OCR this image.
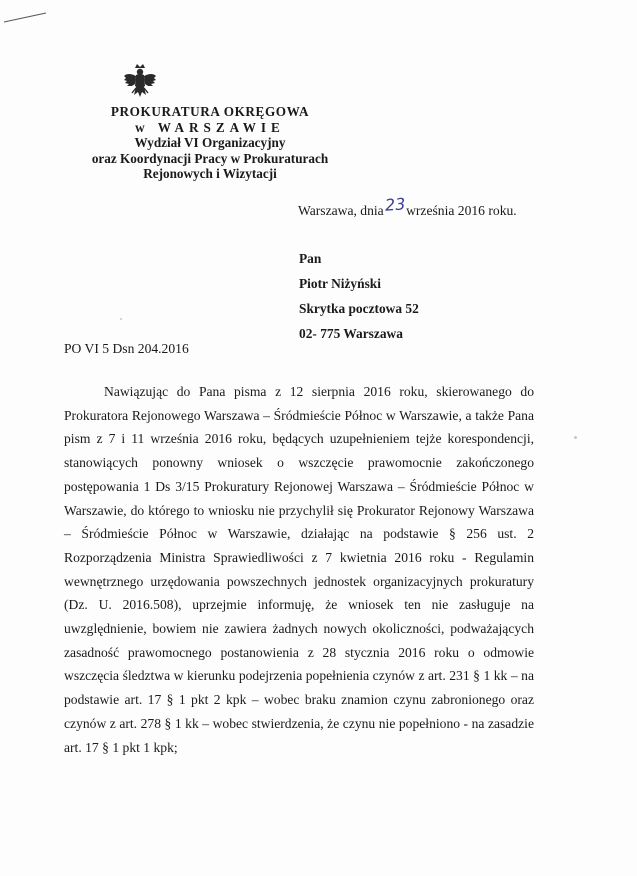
PROKURATURA OKRĘGOWA
w WARSZAWIE
Wydział VI Organizacyjny
oraz Koordynacji Pracy w Prokuraturach
Rejonowych i Wizytacji
Warszawa, dnia23września 2016 roku.
Pan
Piotr Niżyński
Skrytka pocztowa 52
02- 775 Warszawa
PO VI 5 Dsn 204.2016

Nawiązując do Pana pisma z 12 sierpnia 2016 roku, skierowanego do Prokuratora Rejonowego Warszawa – Śródmieście Północ w Warszawie, a także Pana pism z 7 i 11 września 2016 roku, będących uzupełnieniem tejże korespondencji, stanowiących ponowny wniosek o wszczęcie prawomocnie zakończonego postępowania 1 Ds 3/15 Prokuratury Rejonowej Warszawa – Śródmieście Północ w Warszawie, do którego to wniosku nie przychylił się Prokurator Rejonowy Warszawa – Śródmieście Północ w Warszawie, działając na podstawie § 256 ust. 2 Rozporządzenia Ministra Sprawiedliwości z 7 kwietnia 2016 roku - Regulamin wewnętrznego urzędowania powszechnych jednostek organizacyjnych prokuratury (Dz. U. 2016.508), uprzejmie informuję, że wniosek ten nie zasługuje na uwzględnienie, bowiem nie zawiera żadnych nowych okoliczności, podważających zasadność prawomocnego postanowienia z 28 stycznia 2016 roku o odmowie wszczęcia śledztwa w kierunku podejrzenia popełnienia czynów z art. 231 § 1 kk – na podstawie art. 17 § 1 pkt 2 kpk – wobec braku znamion czynu zabronionego oraz czynów z art. 278 § 1 kk – wobec stwierdzenia, że czynu nie popełniono - na zasadzie art. 17 § 1 pkt 1 kpk;
